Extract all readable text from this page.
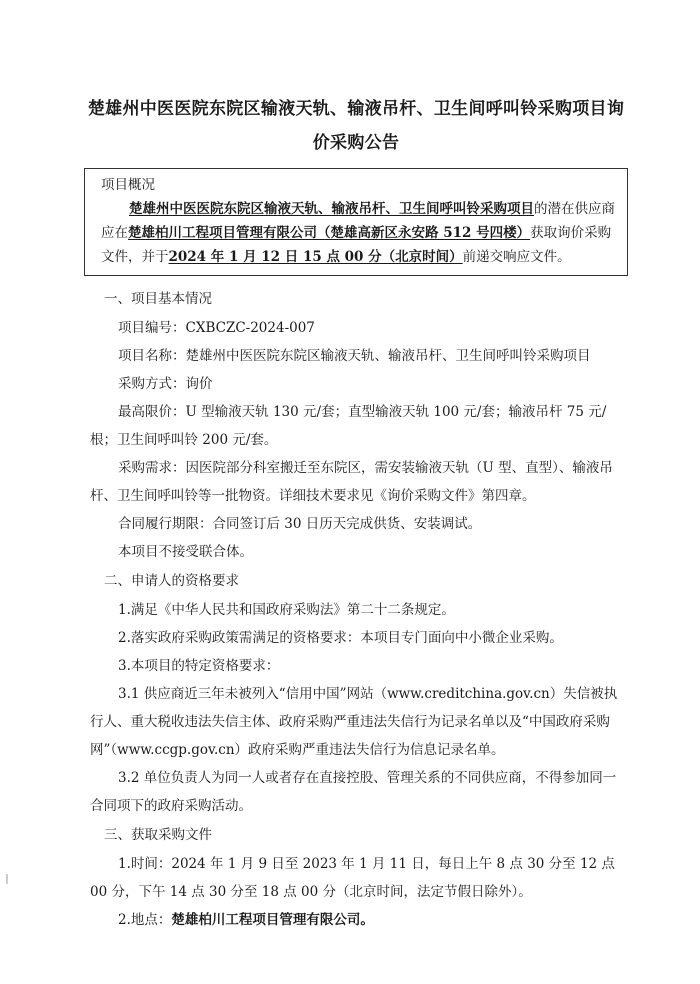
楚雄州中医医院东院区输液天轨、输液吊杆、卫生间呼叫铃采购项目询价采购公告

项目概况

楚雄州中医医院东院区输液天轨、输液吊杆、卫生间呼叫铃采购项目的潜在供应商应在楚雄柏川工程项目管理有限公司（楚雄高新区永安路 512 号四楼）获取询价采购文件，并于2024 年 1 月 12 日 15 点 00 分（北京时间）前递交响应文件。

一、项目基本情况

项目编号：CXBCZC-2024-007

项目名称：楚雄州中医医院东院区输液天轨、输液吊杆、卫生间呼叫铃采购项目

采购方式：询价

最高限价：U 型输液天轨 130 元/套；直型输液天轨 100 元/套；输液吊杆 75 元/根；卫生间呼叫铃 200 元/套。

采购需求：因医院部分科室搬迁至东院区，需安装输液天轨（U 型、直型）、输液吊杆、卫生间呼叫铃等一批物资。详细技术要求见《询价采购文件》第四章。

合同履行期限：合同签订后 30 日历天完成供货、安装调试。

本项目不接受联合体。

二、申请人的资格要求

1.满足《中华人民共和国政府采购法》第二十二条规定。

2.落实政府采购政策需满足的资格要求：本项目专门面向中小微企业采购。

3.本项目的特定资格要求：

3.1 供应商近三年未被列入“信用中国”网站（www.creditchina.gov.cn）失信被执行人、重大税收违法失信主体、政府采购严重违法失信行为记录名单以及“中国政府采购网”（www.ccgp.gov.cn）政府采购严重违法失信行为信息记录名单。

3.2 单位负责人为同一人或者存在直接控股、管理关系的不同供应商，不得参加同一合同项下的政府采购活动。

三、获取采购文件

1.时间：2024 年 1 月 9 日至 2023 年 1 月 11 日，每日上午 8 点 30 分至 12 点 00 分，下午 14 点 30 分至 18 点 00 分（北京时间，法定节假日除外）。

2.地点：楚雄柏川工程项目管理有限公司。
